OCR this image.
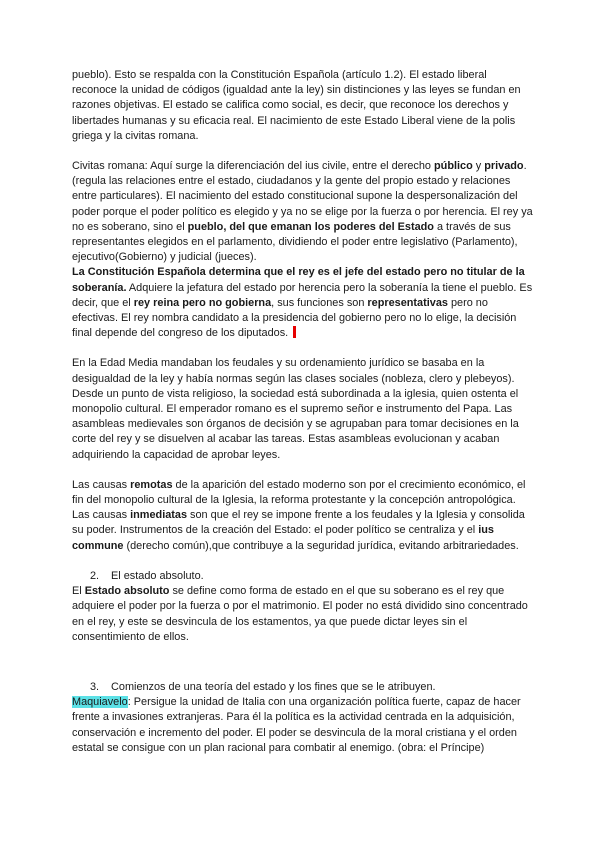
pueblo). Esto se respalda con la Constitución Española (artículo 1.2). El estado liberal reconoce la unidad de códigos (igualdad ante la ley) sin distinciones y las leyes se fundan en razones objetivas. El estado se califica como social, es decir, que reconoce los derechos y libertades humanas y su eficacia real. El nacimiento de este Estado Liberal viene de la polis griega y la civitas romana.

Civitas romana: Aquí surge la diferenciación del ius civile, entre el derecho público y privado. (regula las relaciones entre el estado, ciudadanos y la gente del propio estado y relaciones entre particulares). El nacimiento del estado constitucional supone la despersonalización del poder porque el poder político es elegido y ya no se elige por la fuerza o por herencia. El rey ya no es soberano, sino el pueblo, del que emanan los poderes del Estado a través de sus representantes elegidos en el parlamento, dividiendo el poder entre legislativo (Parlamento), ejecutivo(Gobierno) y judicial (jueces).

La Constitución Española determina que el rey es el jefe del estado pero no titular de la soberanía. Adquiere la jefatura del estado por herencia pero la soberanía la tiene el pueblo. Es decir, que el rey reina pero no gobierna, sus funciones son representativas pero no efectivas. El rey nombra candidato a la presidencia del gobierno pero no lo elige, la decisión final depende del congreso de los diputados.

En la Edad Media mandaban los feudales y su ordenamiento jurídico se basaba en la desigualdad de la ley y había normas según las clases sociales (nobleza, clero y plebeyos). Desde un punto de vista religioso, la sociedad está subordinada a la iglesia, quien ostenta el monopolio cultural. El emperador romano es el supremo señor e instrumento del Papa. Las asambleas medievales son órganos de decisión y se agrupaban para tomar decisiones en la corte del rey y se disuelven al acabar las tareas. Estas asambleas evolucionan y acaban adquiriendo la capacidad de aprobar leyes.

Las causas remotas de la aparición del estado moderno son por el crecimiento económico, el fin del monopolio cultural de la Iglesia, la reforma protestante y la concepción antropológica. Las causas inmediatas son que el rey se impone frente a los feudales y la Iglesia y consolida su poder. Instrumentos de la creación del Estado: el poder político se centraliza y el ius commune (derecho común),que contribuye a la seguridad jurídica, evitando arbitrariedades.

2. El estado absoluto.

El Estado absoluto se define como forma de estado en el que su soberano es el rey que adquiere el poder por la fuerza o por el matrimonio. El poder no está dividido sino concentrado en el rey, y este se desvincula de los estamentos, ya que puede dictar leyes sin el consentimiento de ellos.

3. Comienzos de una teoría del estado y los fines que se le atribuyen.

Maquiavelo: Persigue la unidad de Italia con una organización política fuerte, capaz de hacer frente a invasiones extranjeras. Para él la política es la actividad centrada en la adquisición, conservación e incremento del poder. El poder se desvincula de la moral cristiana y el orden estatal se consigue con un plan racional para combatir al enemigo. (obra: el Príncipe)
